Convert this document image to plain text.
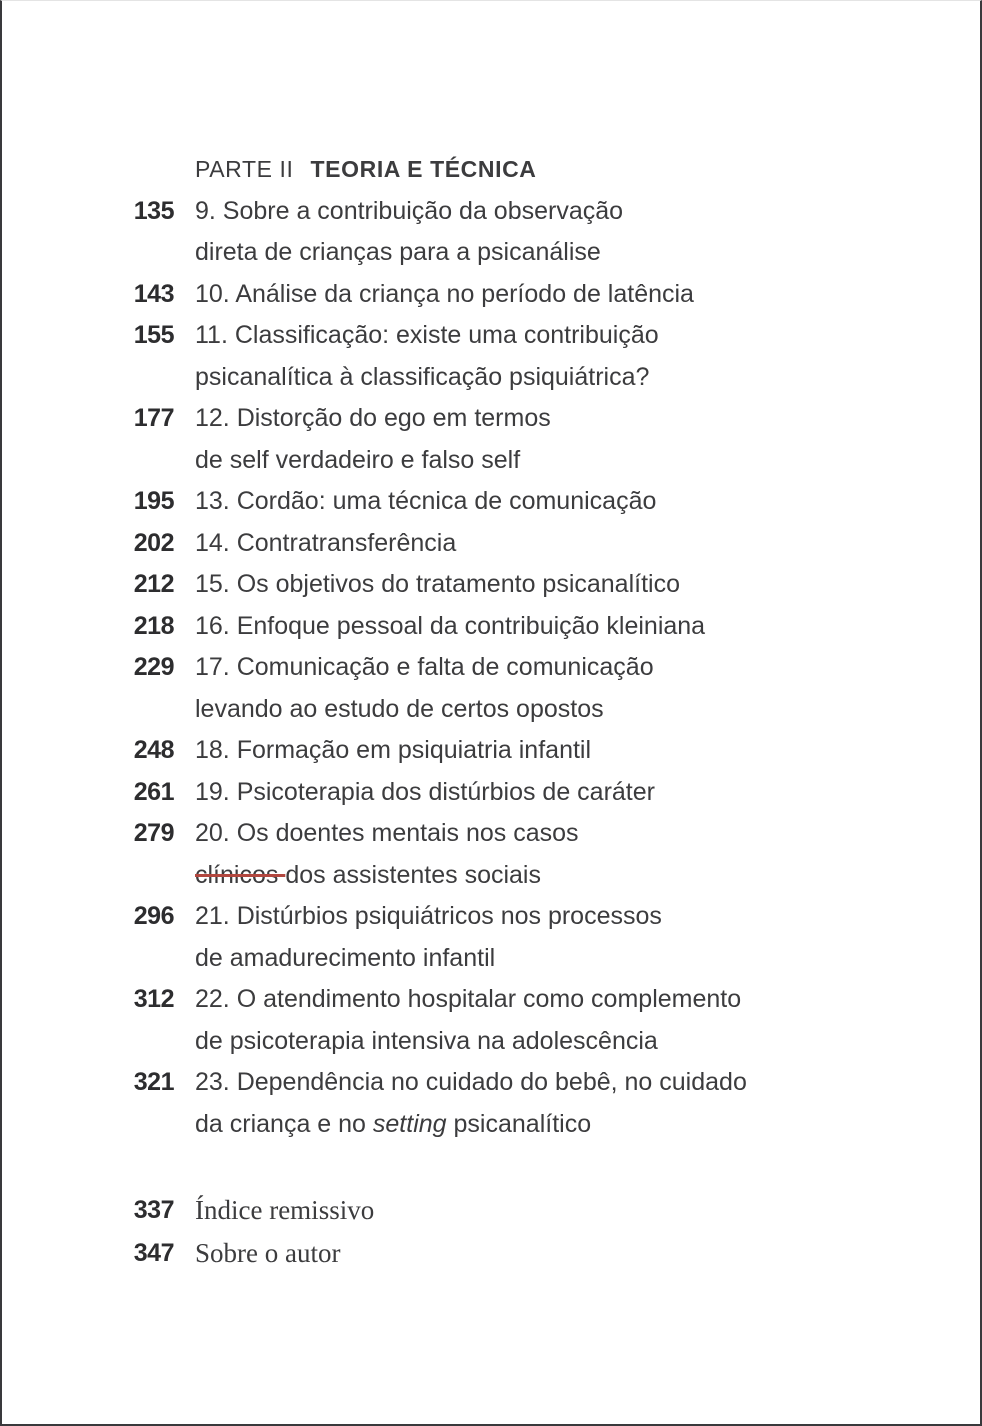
PARTE II TEORIA E TÉCNICA
135 9. Sobre a contribuição da observação
direta de crianças para a psicanálise
143 10. Análise da criança no período de latência
155 11. Classificação: existe uma contribuição
psicanalítica à classificação psiquiátrica?
177 12. Distorção do ego em termos
de self verdadeiro e falso self
195 13. Cordão: uma técnica de comunicação
202 14. Contratransferência
212 15. Os objetivos do tratamento psicanalítico
218 16. Enfoque pessoal da contribuição kleiniana
229 17. Comunicação e falta de comunicação
levando ao estudo de certos opostos
248 18. Formação em psiquiatria infantil
261 19. Psicoterapia dos distúrbios de caráter
279 20. Os doentes mentais nos casos
clínicos dos assistentes sociais
296 21. Distúrbios psiquiátricos nos processos
de amadurecimento infantil
312 22. O atendimento hospitalar como complemento
de psicoterapia intensiva na adolescência
321 23. Dependência no cuidado do bebê, no cuidado
da criança e no setting psicanalítico
337 Índice remissivo
347 Sobre o autor
